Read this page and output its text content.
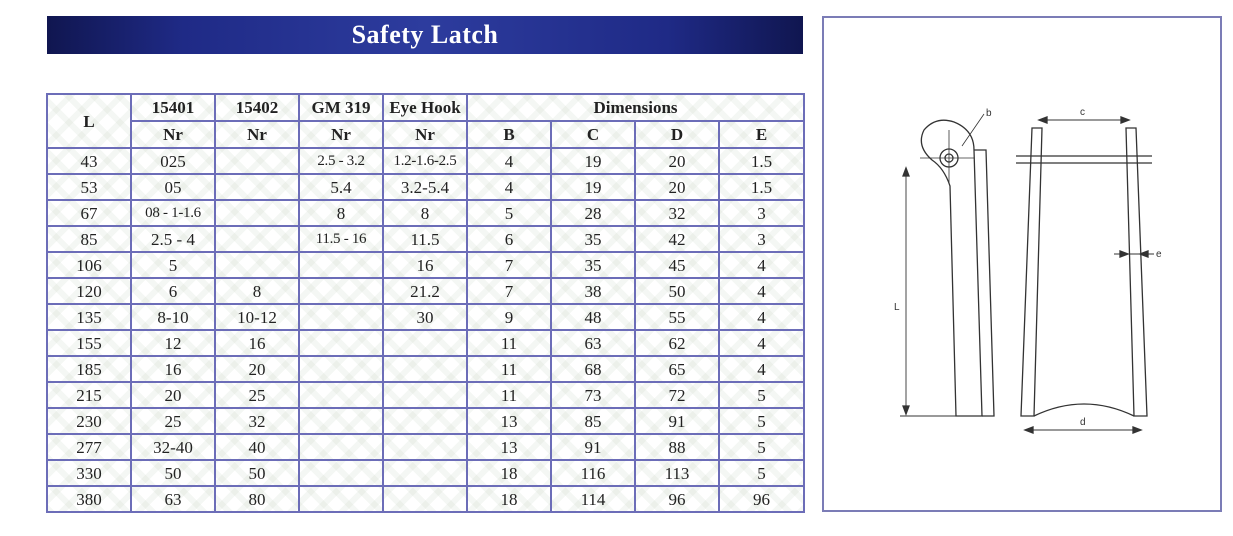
Safety Latch
L	15401	15402	GM 319	Eye Hook	Dimensions			
	Nr	Nr	Nr	Nr	B	C	D	E
43	025		2.5 - 3.2	1.2-1.6-2.5	4	19	20	1.5
53	05		5.4	3.2-5.4	4	19	20	1.5
67	08 - 1-1.6		8	8	5	28	32	3
85	2.5 - 4		11.5 - 16	11.5	6	35	42	3
106	5			16	7	35	45	4
120	6	8		21.2	7	38	50	4
135	8-10	10-12		30	9	48	55	4
155	12	16			11	63	62	4
185	16	20			11	68	65	4
215	20	25			11	73	72	5
230	25	32			13	85	91	5
277	32-40	40			13	91	88	5
330	50	50			18	116	113	5
380	63	80			18	114	96	96
b	c
L
e
d
